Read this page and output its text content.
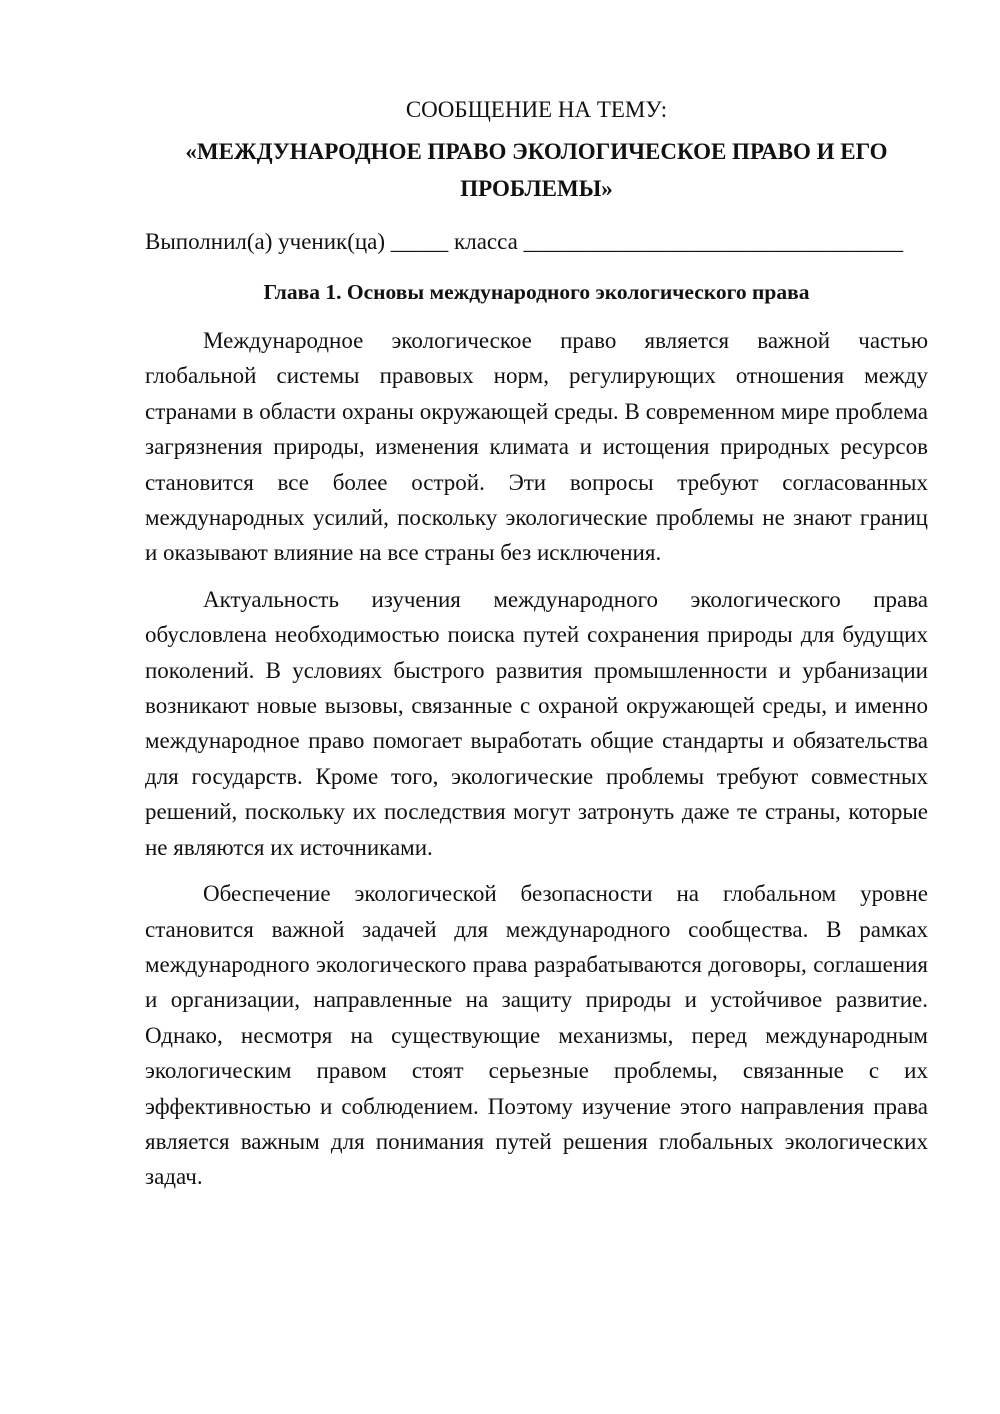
СООБЩЕНИЕ НА ТЕМУ:
«МЕЖДУНАРОДНОЕ ПРАВО ЭКОЛОГИЧЕСКОЕ ПРАВО И ЕГО ПРОБЛЕМЫ»
Выполнил(а) ученик(ца) _____ класса _________________________________
Глава 1. Основы международного экологического права

Международное экологическое право является важной частью глобальной системы правовых норм, регулирующих отношения между странами в области охраны окружающей среды. В современном мире проблема загрязнения природы, изменения климата и истощения природных ресурсов становится все более острой. Эти вопросы требуют согласованных международных усилий, поскольку экологические проблемы не знают границ и оказывают влияние на все страны без исключения.

Актуальность изучения международного экологического права обусловлена необходимостью поиска путей сохранения природы для будущих поколений. В условиях быстрого развития промышленности и урбанизации возникают новые вызовы, связанные с охраной окружающей среды, и именно международное право помогает выработать общие стандарты и обязательства для государств. Кроме того, экологические проблемы требуют совместных решений, поскольку их последствия могут затронуть даже те страны, которые не являются их источниками.

Обеспечение экологической безопасности на глобальном уровне становится важной задачей для международного сообщества. В рамках международного экологического права разрабатываются договоры, соглашения и организации, направленные на защиту природы и устойчивое развитие. Однако, несмотря на существующие механизмы, перед международным экологическим правом стоят серьезные проблемы, связанные с их эффективностью и соблюдением. Поэтому изучение этого направления права является важным для понимания путей решения глобальных экологических задач.
